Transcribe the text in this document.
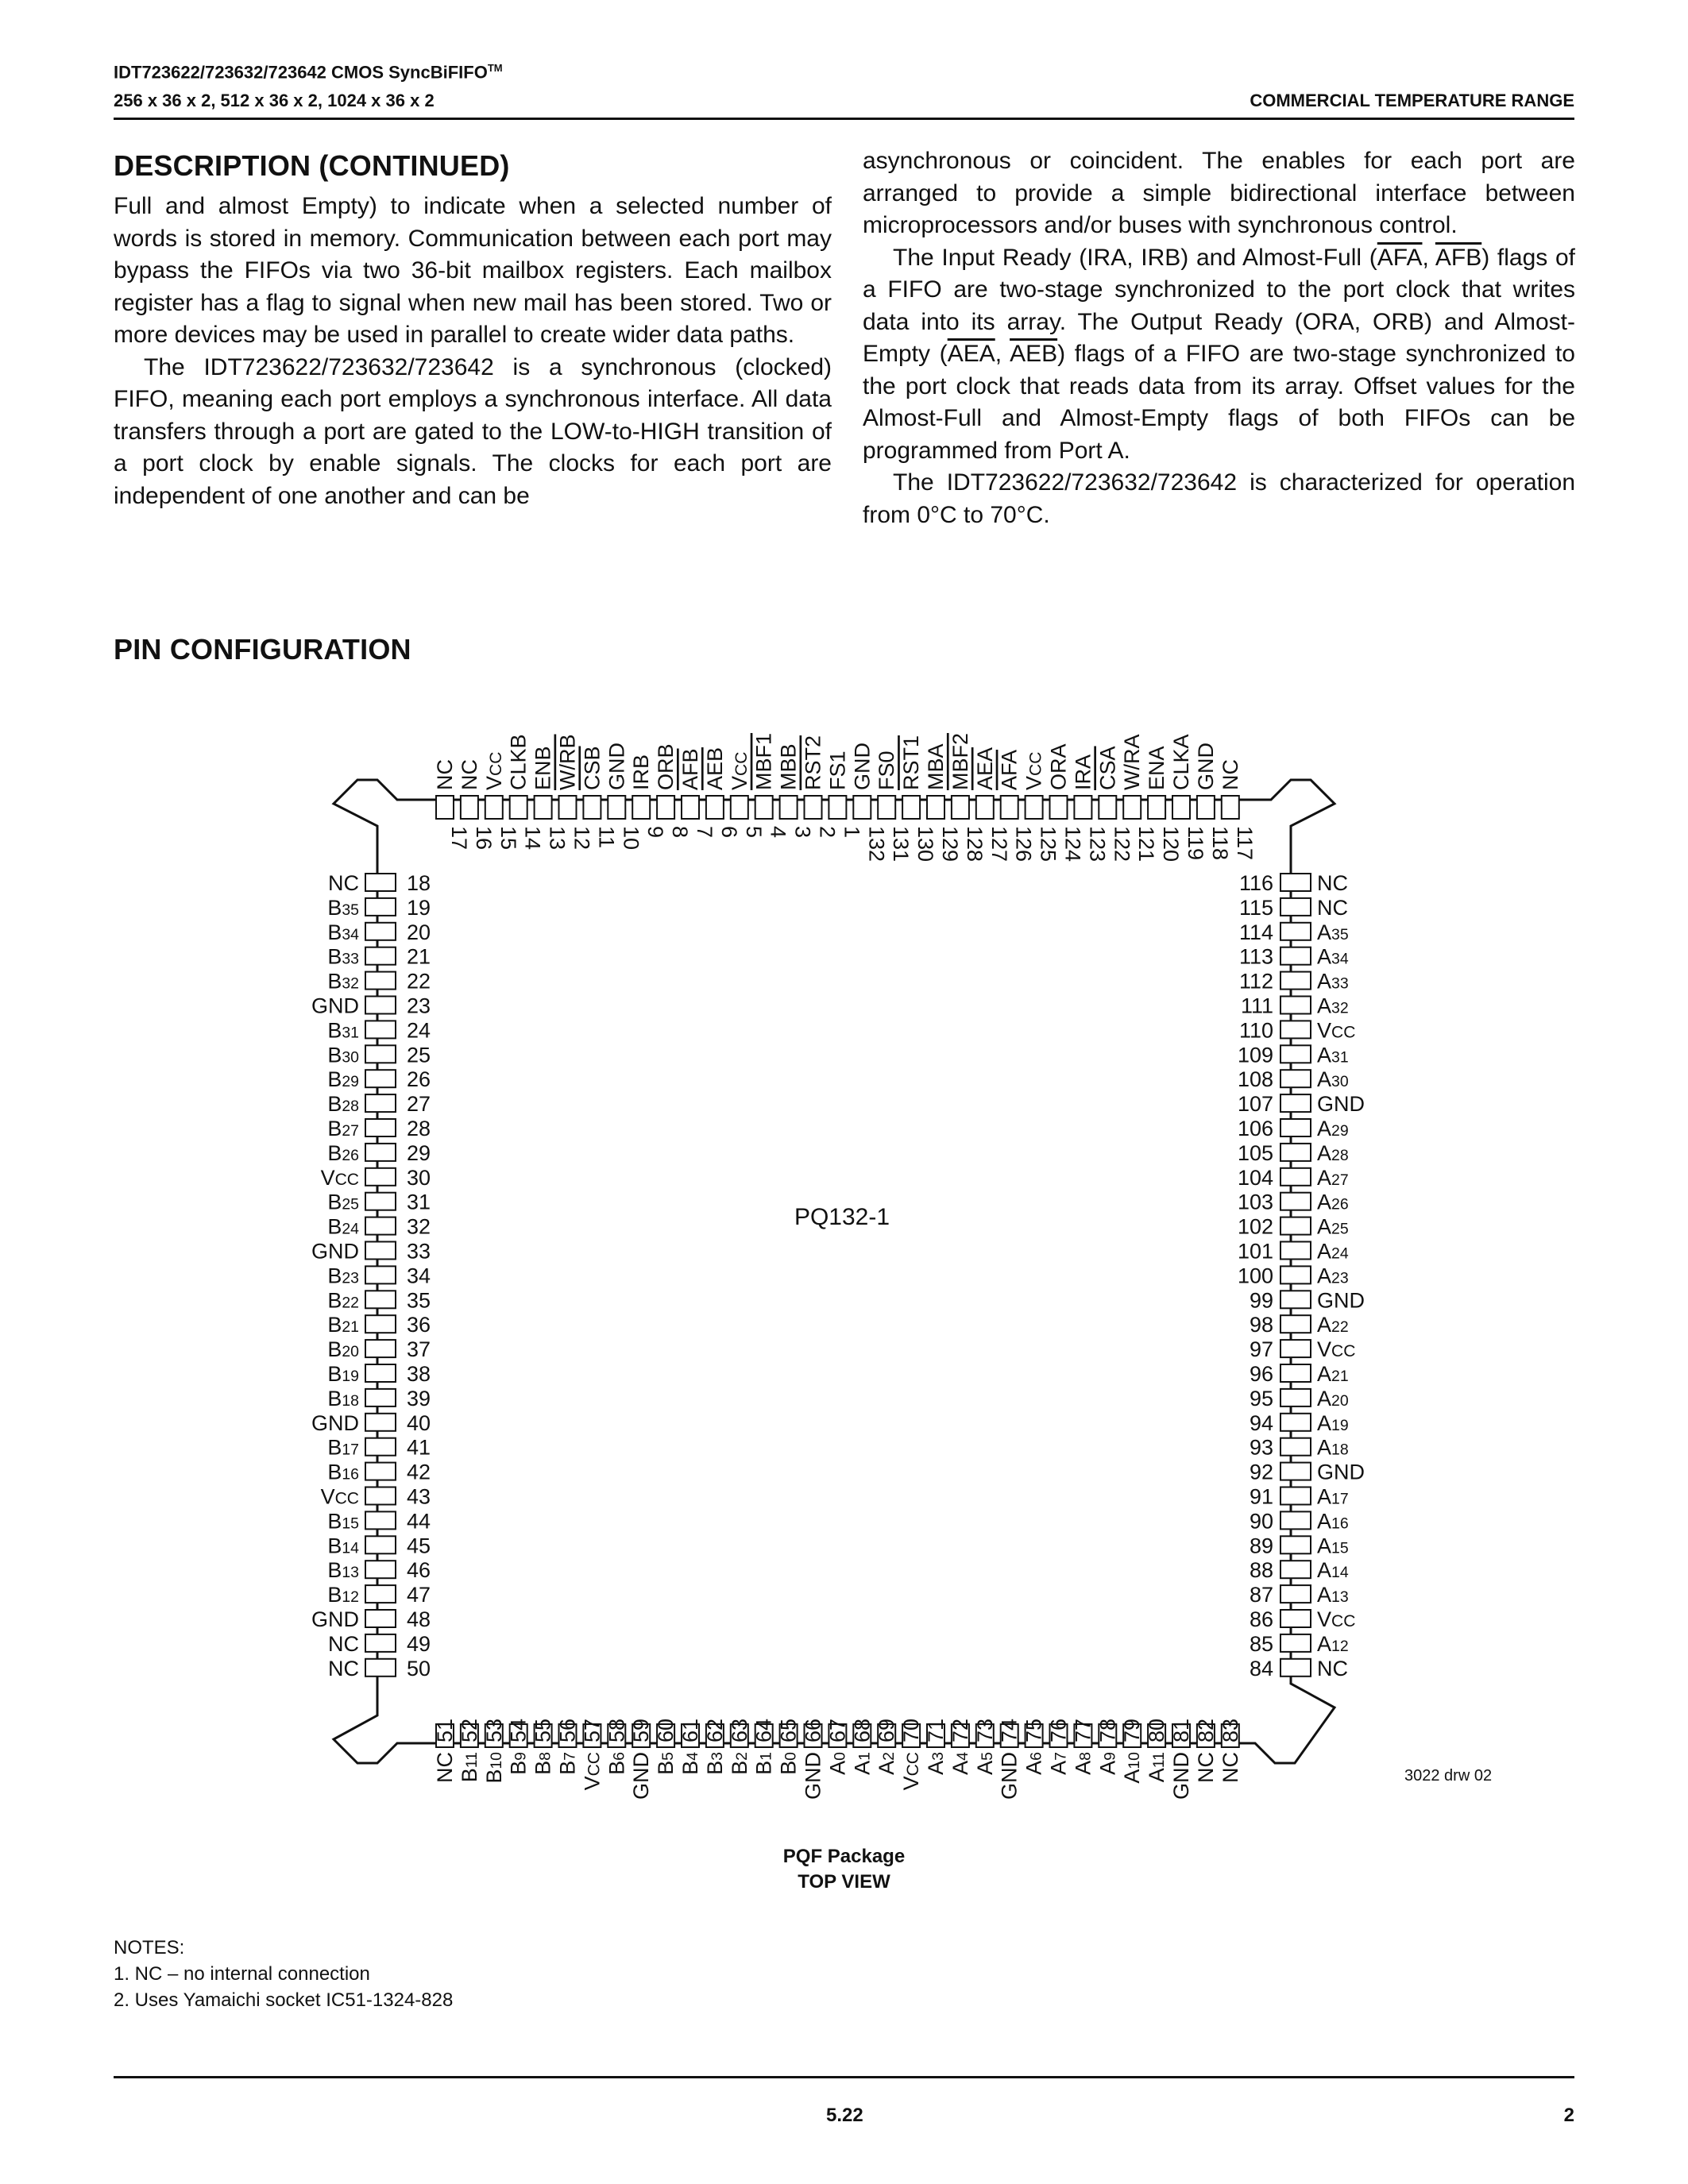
IDT723622/723632/723642 CMOS SyncBiFIFO™
256 x 36 x 2, 512 x 36 x 2, 1024 x 36 x 2	COMMERCIAL TEMPERATURE RANGE
DESCRIPTION (CONTINUED)

Full and almost Empty) to indicate when a selected number of words is stored in memory. Communication between each port may bypass the FIFOs via two 36-bit mailbox registers. Each mailbox register has a flag to signal when new mail has been stored. Two or more devices may be used in parallel to create wider data paths.

The IDT723622/723632/723642 is a synchronous (clocked) FIFO, meaning each port employs a synchronous interface. All data transfers through a port are gated to the LOW-to-HIGH transition of a port clock by enable signals. The clocks for each port are independent of one another and can be

asynchronous or coincident. The enables for each port are arranged to provide a simple bidirectional interface between microprocessors and/or buses with synchronous control.

The Input Ready (IRA, IRB) and Almost-Full ($\overline{AFA}$, $\overline{AFB}$) flags of a FIFO are two-stage synchronized to the port clock that writes data into its array. The Output Ready (ORA, ORB) and Almost-Empty ($\overline{AEA}$, $\overline{AEB}$) flags of a FIFO are two-stage synchronized to the port clock that reads data from its array. Offset values for the Almost-Full and Almost-Empty flags of both FIFOs can be programmed from Port A.

The IDT723622/723632/723642 is characterized for operation from 0°C to 70°C.

PIN CONFIGURATION
17
NC
16
NC
15
VCC
14
CLKB
13
ENB
12
W/RB
11
CSB
10
GND
9
IRB
8
ORB
7
AFB
6
AEB
5
VCC
4
MBF1
3
MBB
2
RST2
1
FS1
132
GND
131
FS0
130
RST1
129
MBA
128
MBF2
127
AEA
126
AFA
125
VCC
124
ORA
123
IRA
122
CSA
121
W/RA
120
ENA
119
CLKA
118
GND
117
NC
18
NC
19
B35
20
B34
21
B33
22
B32
23
GND
24
B31
25
B30
26
B29
27
B28
28
B27
29
B26
30
VCC
31
B25
32
B24
33
GND
34
B23
35
B22
36
B21
37
B20
38
B19
39
B18
40
GND
41
B17
42
B16
43
VCC
44
B15
45
B14
46
B13
47
B12
48
GND
49
NC
50
NC
116 NC
115 NC
114 A35
113 A34
112 A33
111 A32
110 VCC
109 A31
108 A30
107 GND
106 A29
105 A28
104 A27
103 A26
102 A25
101 A24
100 A23
99 GND
98 A22
97 VCC
96 A21
95 A20
94 A19
93 A18
92 GND
91 A17
90 A16
89 A15
88 A14
87 A13
86 VCC
85 A12
84 NC
51
NC
52
B11
53
B10
54
B9
55
B8
56
B7
57
VCC
58
B6
59
GND
60
B5
61
B4
62
B3
63
B2
64
B1
65
B0
66
GND
67
A0
68
A1
69
A2
70
VCC
71
A3
72
A4
73
A5
74
GND
75
A6
76
A7
77
A8
78
A9
79
A10
80
A11
81
GND
82
NC
83
NC
PQ132-1
3022 drw 02
PQF Package
TOP VIEW
NOTES:
1. NC – no internal connection
2. Uses Yamaichi socket IC51-1324-828
5.22	2
